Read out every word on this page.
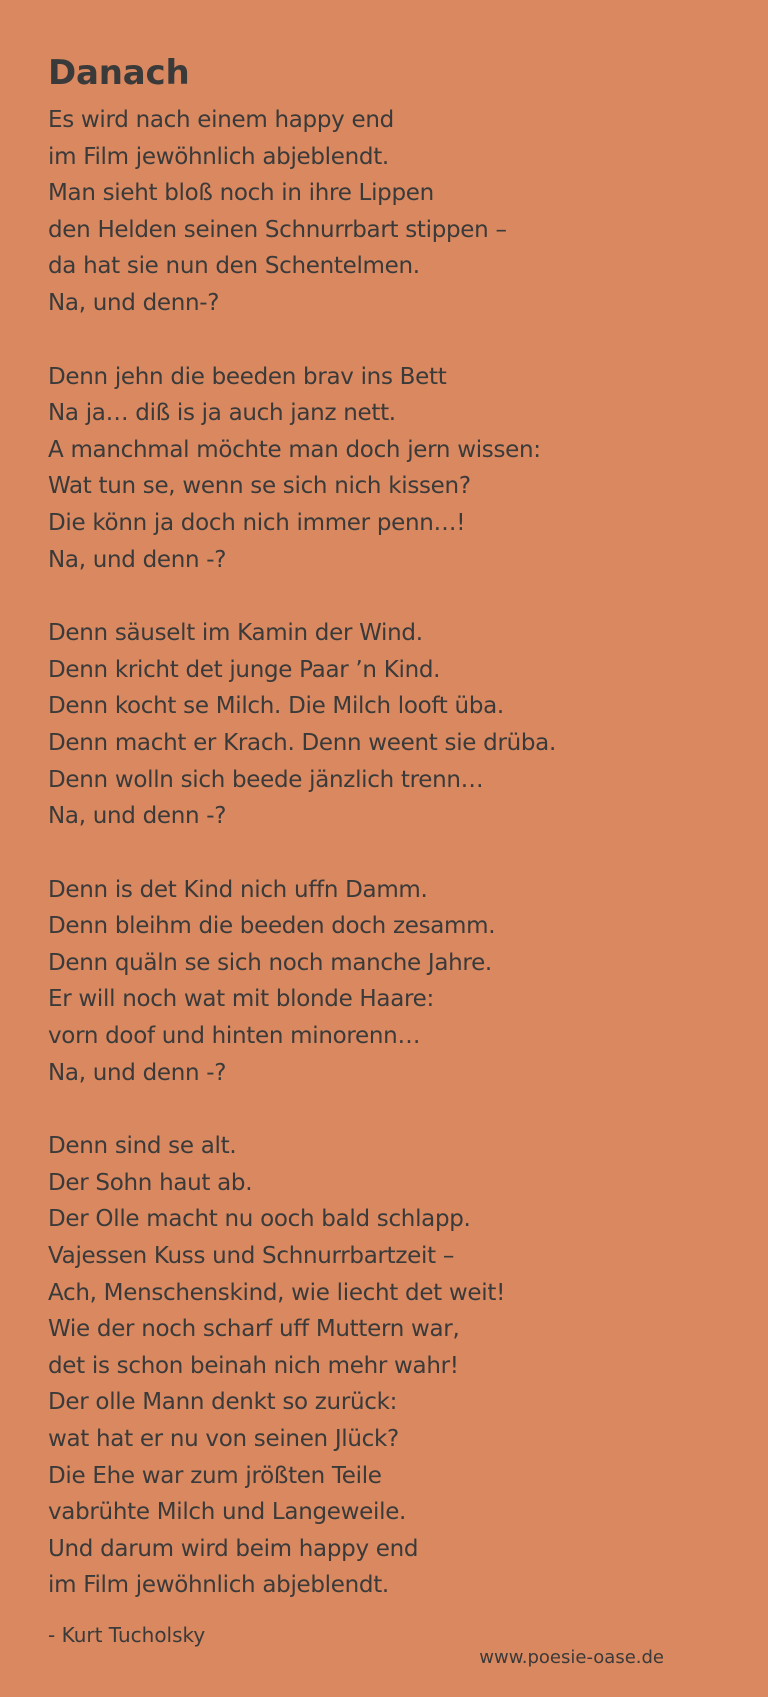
Danach
Es wird nach einem happy end
im Film jewöhnlich abjeblendt.
Man sieht bloß noch in ihre Lippen
den Helden seinen Schnurrbart stippen –
da hat sie nun den Schentelmen.
Na, und denn-?
Denn jehn die beeden brav ins Bett
Na ja… diß is ja auch janz nett.
A manchmal möchte man doch jern wissen:
Wat tun se, wenn se sich nich kissen?
Die könn ja doch nich immer penn…!
Na, und denn -?
Denn säuselt im Kamin der Wind.
Denn kricht det junge Paar ’n Kind.
Denn kocht se Milch. Die Milch looft üba.
Denn macht er Krach. Denn weent sie drüba.
Denn wolln sich beede jänzlich trenn…
Na, und denn -?
Denn is det Kind nich uffn Damm.
Denn bleihm die beeden doch zesamm.
Denn quäln se sich noch manche Jahre.
Er will noch wat mit blonde Haare:
vorn doof und hinten minorenn…
Na, und denn -?
Denn sind se alt.
Der Sohn haut ab.
Der Olle macht nu ooch bald schlapp.
Vajessen Kuss und Schnurrbartzeit –
Ach, Menschenskind, wie liecht det weit!
Wie der noch scharf uff Muttern war,
det is schon beinah nich mehr wahr!
Der olle Mann denkt so zurück:
wat hat er nu von seinen Jlück?
Die Ehe war zum jrößten Teile
vabrühte Milch und Langeweile.
Und darum wird beim happy end
im Film jewöhnlich abjeblendt.
- Kurt Tucholsky
www.poesie-oase.de
